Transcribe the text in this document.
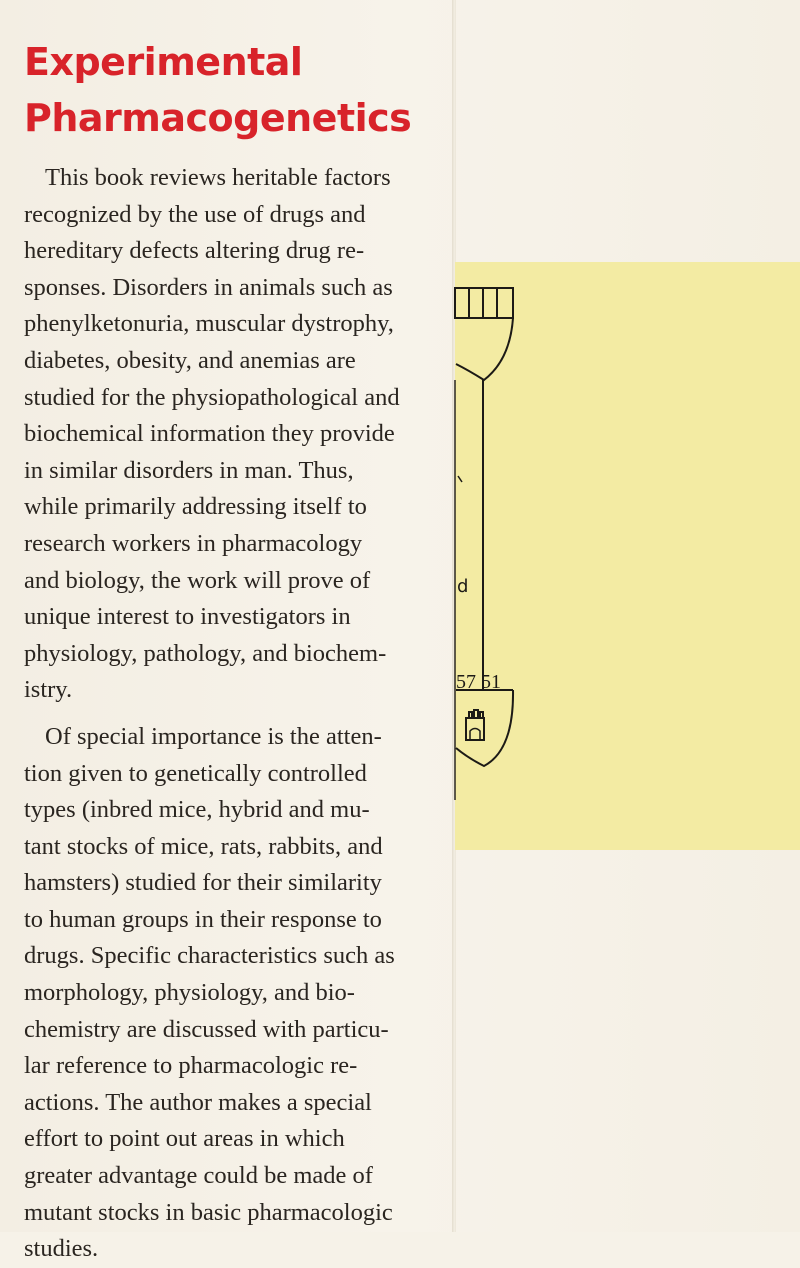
Experimental
Pharmacogenetics
This book reviews heritable factors
recognized by the use of drugs and
hereditary defects altering drug re-
sponses. Disorders in animals such as
phenylketonuria, muscular dystrophy,
diabetes, obesity, and anemias are
studied for the physiopathological and
biochemical information they provide
in similar disorders in man. Thus,
while primarily addressing itself to
research workers in pharmacology
and biology, the work will prove of
unique interest to investigators in
physiology, pathology, and biochem-
istry.
Of special importance is the atten-
tion given to genetically controlled
types (inbred mice, hybrid and mu-
tant stocks of mice, rats, rabbits, and
hamsters) studied for their similarity
to human groups in their response to
drugs. Specific characteristics such as
morphology, physiology, and bio-
chemistry are discussed with particu-
lar reference to pharmacologic re-
actions. The author makes a special
effort to point out areas in which
greater advantage could be made of
mutant stocks in basic pharmacologic
studies.
d
57 51
